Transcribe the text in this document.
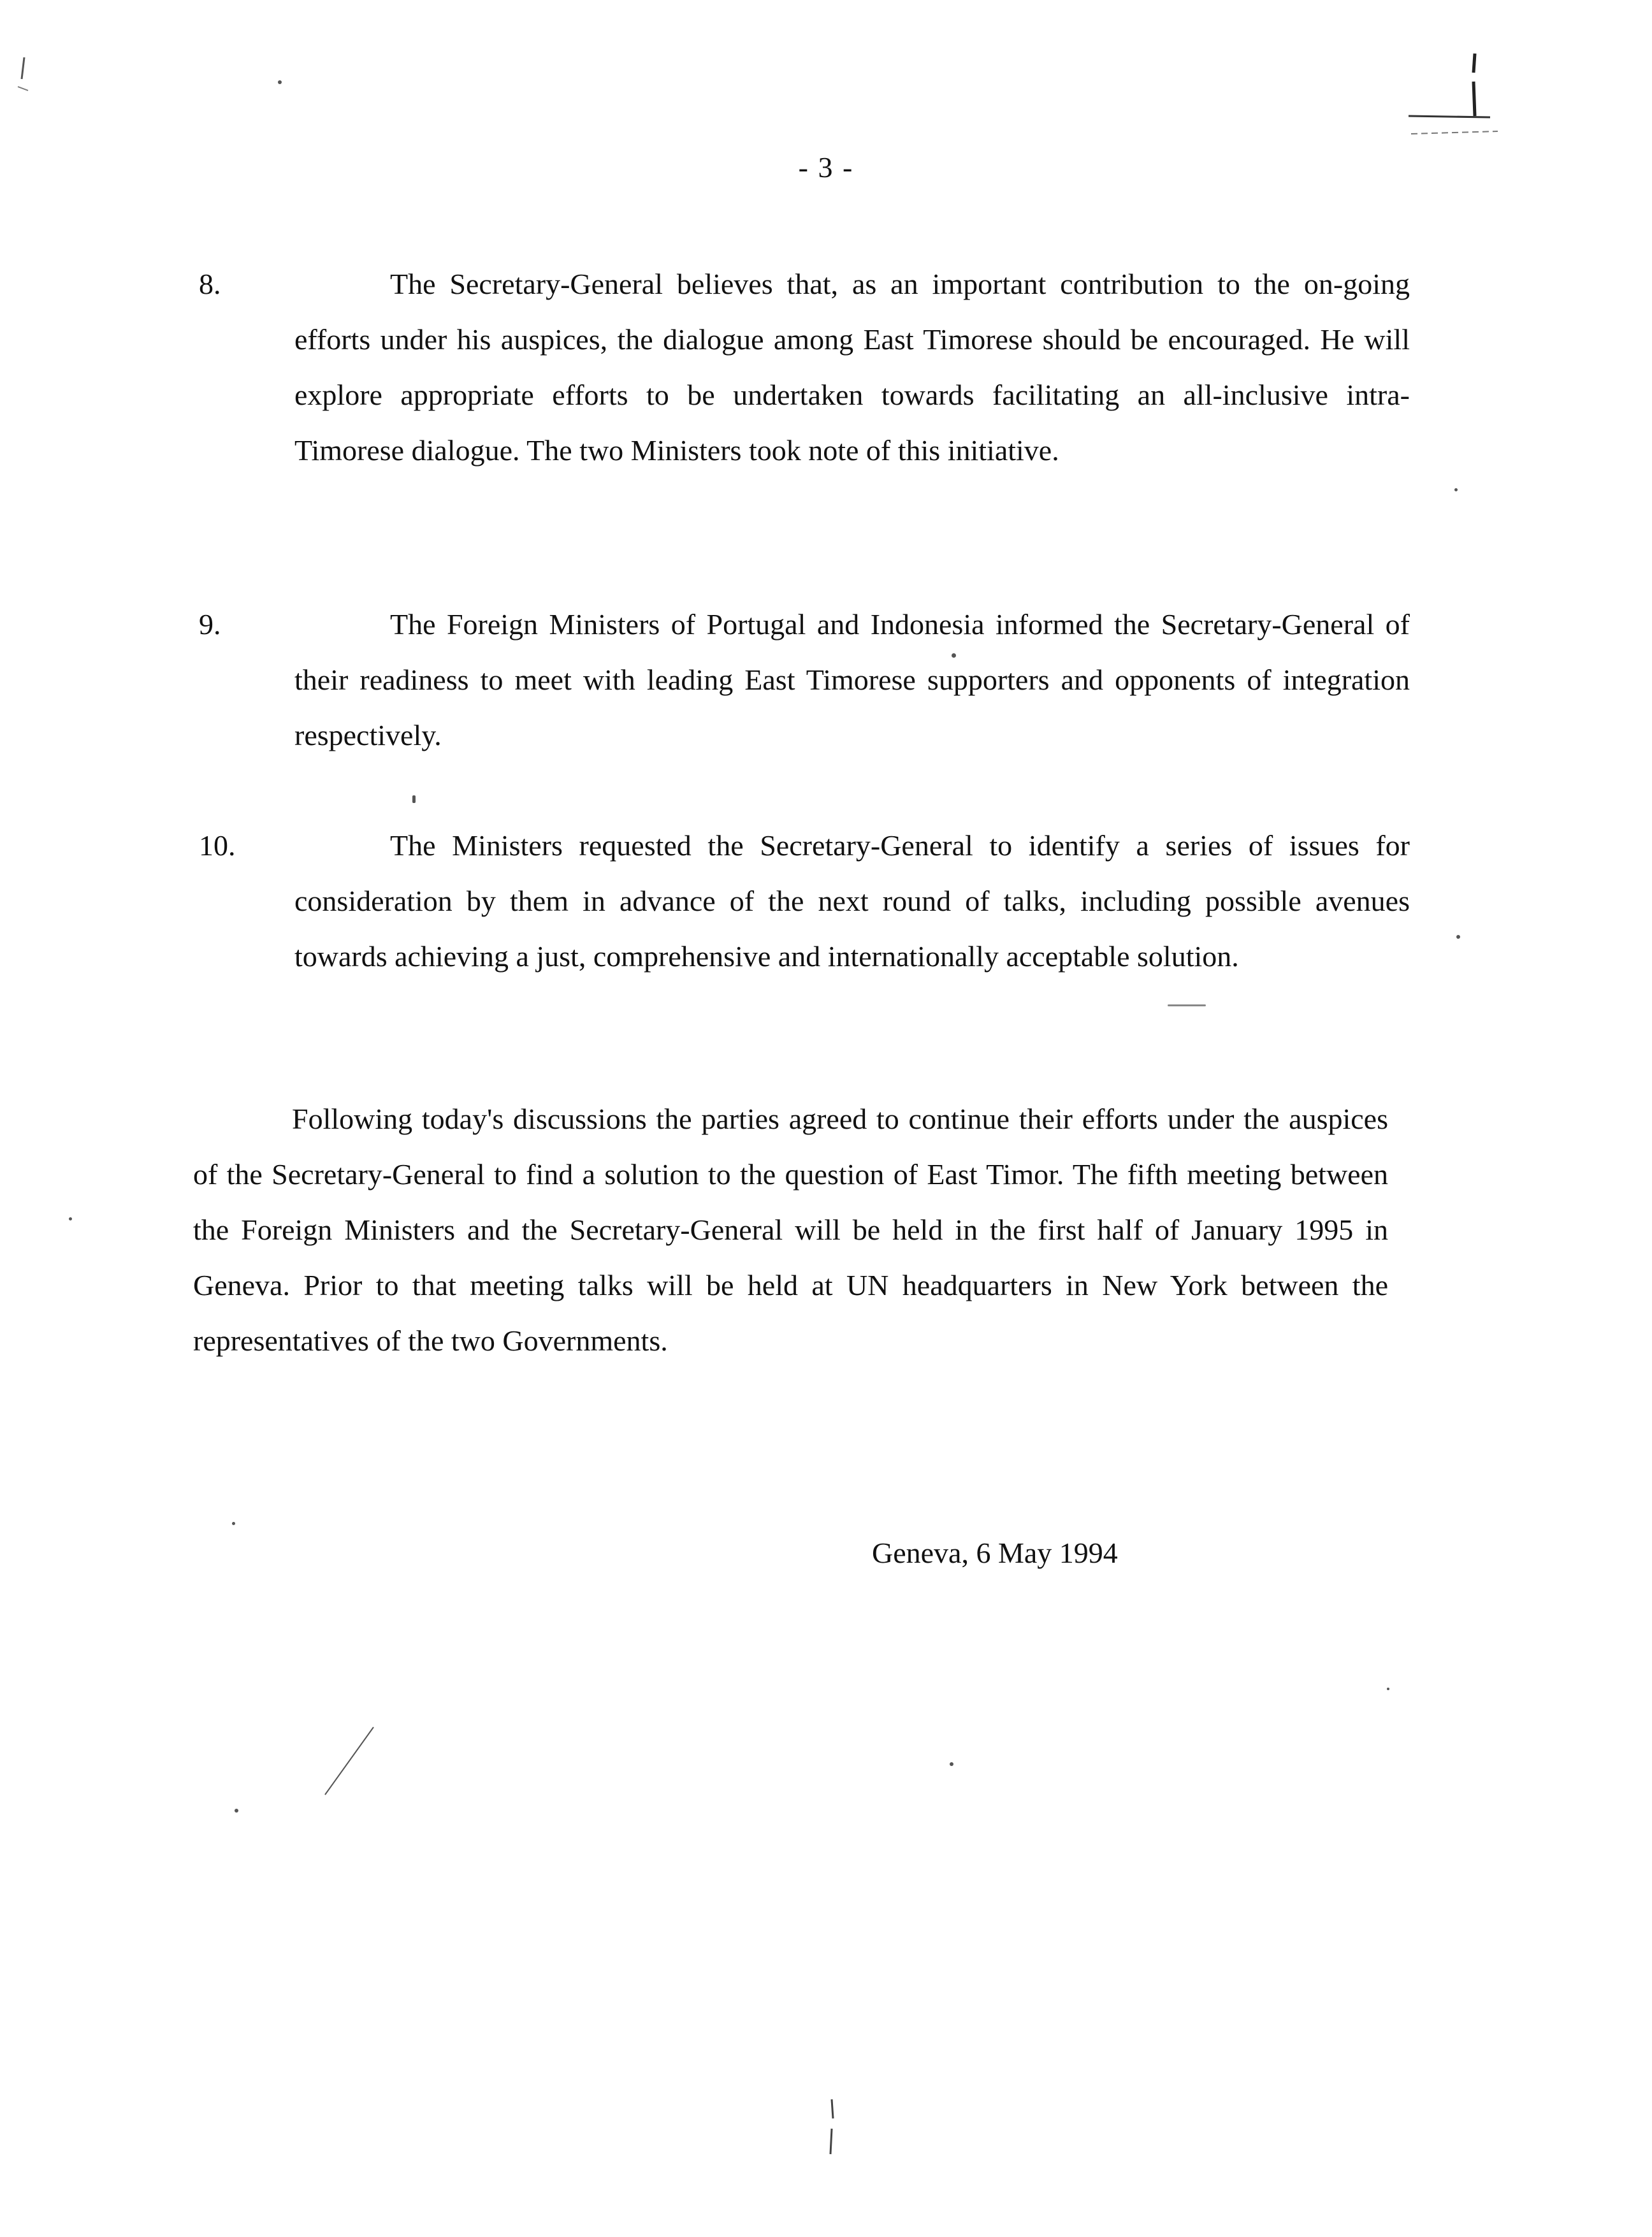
- 3 -
8.	The Secretary-General believes that, as an important contribution to the on-going efforts under his auspices, the dialogue among East Timorese should be encouraged. He will explore appropriate efforts to be undertaken towards facilitating an all-inclusive intra-Timorese dialogue. The two Ministers took note of this initiative.
9.	The Foreign Ministers of Portugal and Indonesia informed the Secretary-General of their readiness to meet with leading East Timorese supporters and opponents of integration respectively.
10.	The Ministers requested the Secretary-General to identify a series of issues for consideration by them in advance of the next round of talks, including possible avenues towards achieving a just, comprehensive and internationally acceptable solution.
Following today's discussions the parties agreed to continue their efforts under the auspices of the Secretary-General to find a solution to the question of East Timor. The fifth meeting between the Foreign Ministers and the Secretary-General will be held in the first half of January 1995 in Geneva. Prior to that meeting talks will be held at UN headquarters in New York between the representatives of the two Governments.
Geneva, 6 May 1994
